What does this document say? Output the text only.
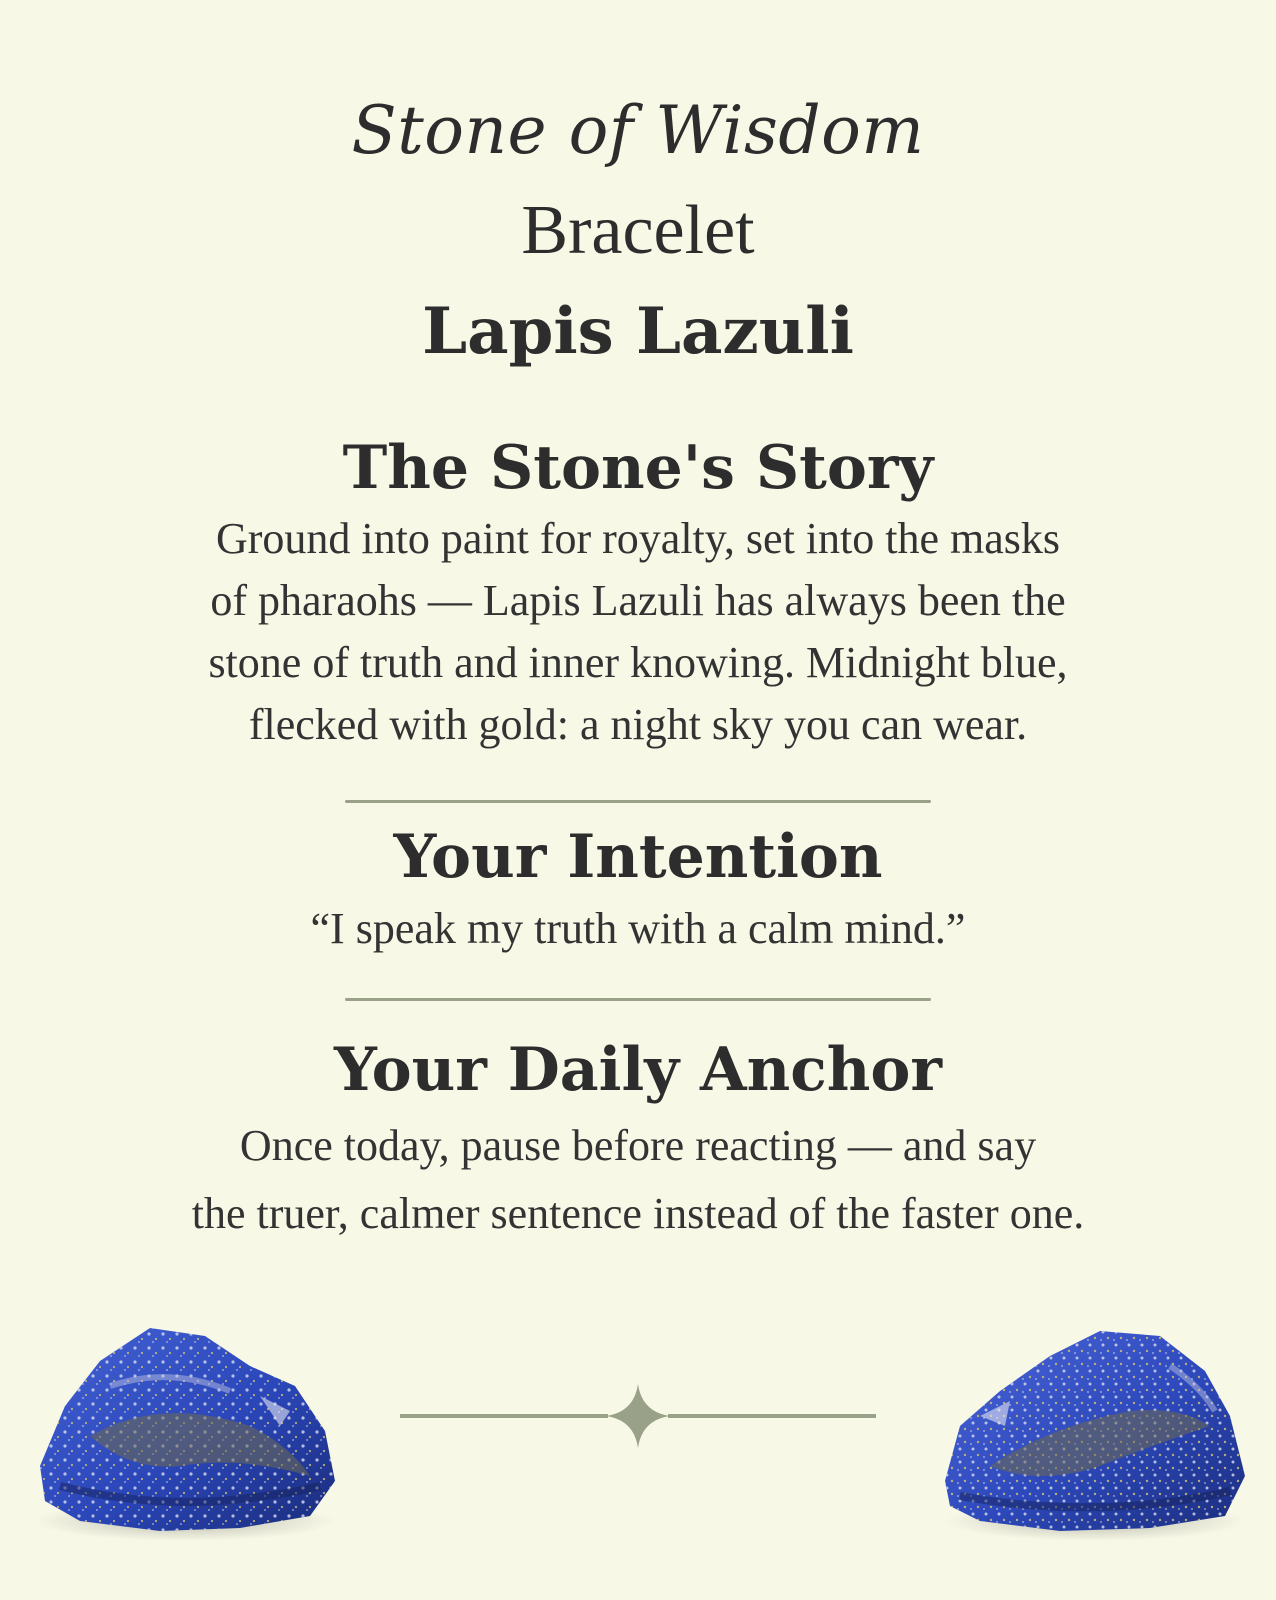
Stone of Wisdom
Bracelet
Lapis Lazuli
The Stone's Story
Ground into paint for royalty, set into the masks
of pharaohs — Lapis Lazuli has always been the
stone of truth and inner knowing. Midnight blue,
flecked with gold: a night sky you can wear.
Your Intention
“I speak my truth with a calm mind.”
Your Daily Anchor
Once today, pause before reacting — and say
the truer, calmer sentence instead of the faster one.
